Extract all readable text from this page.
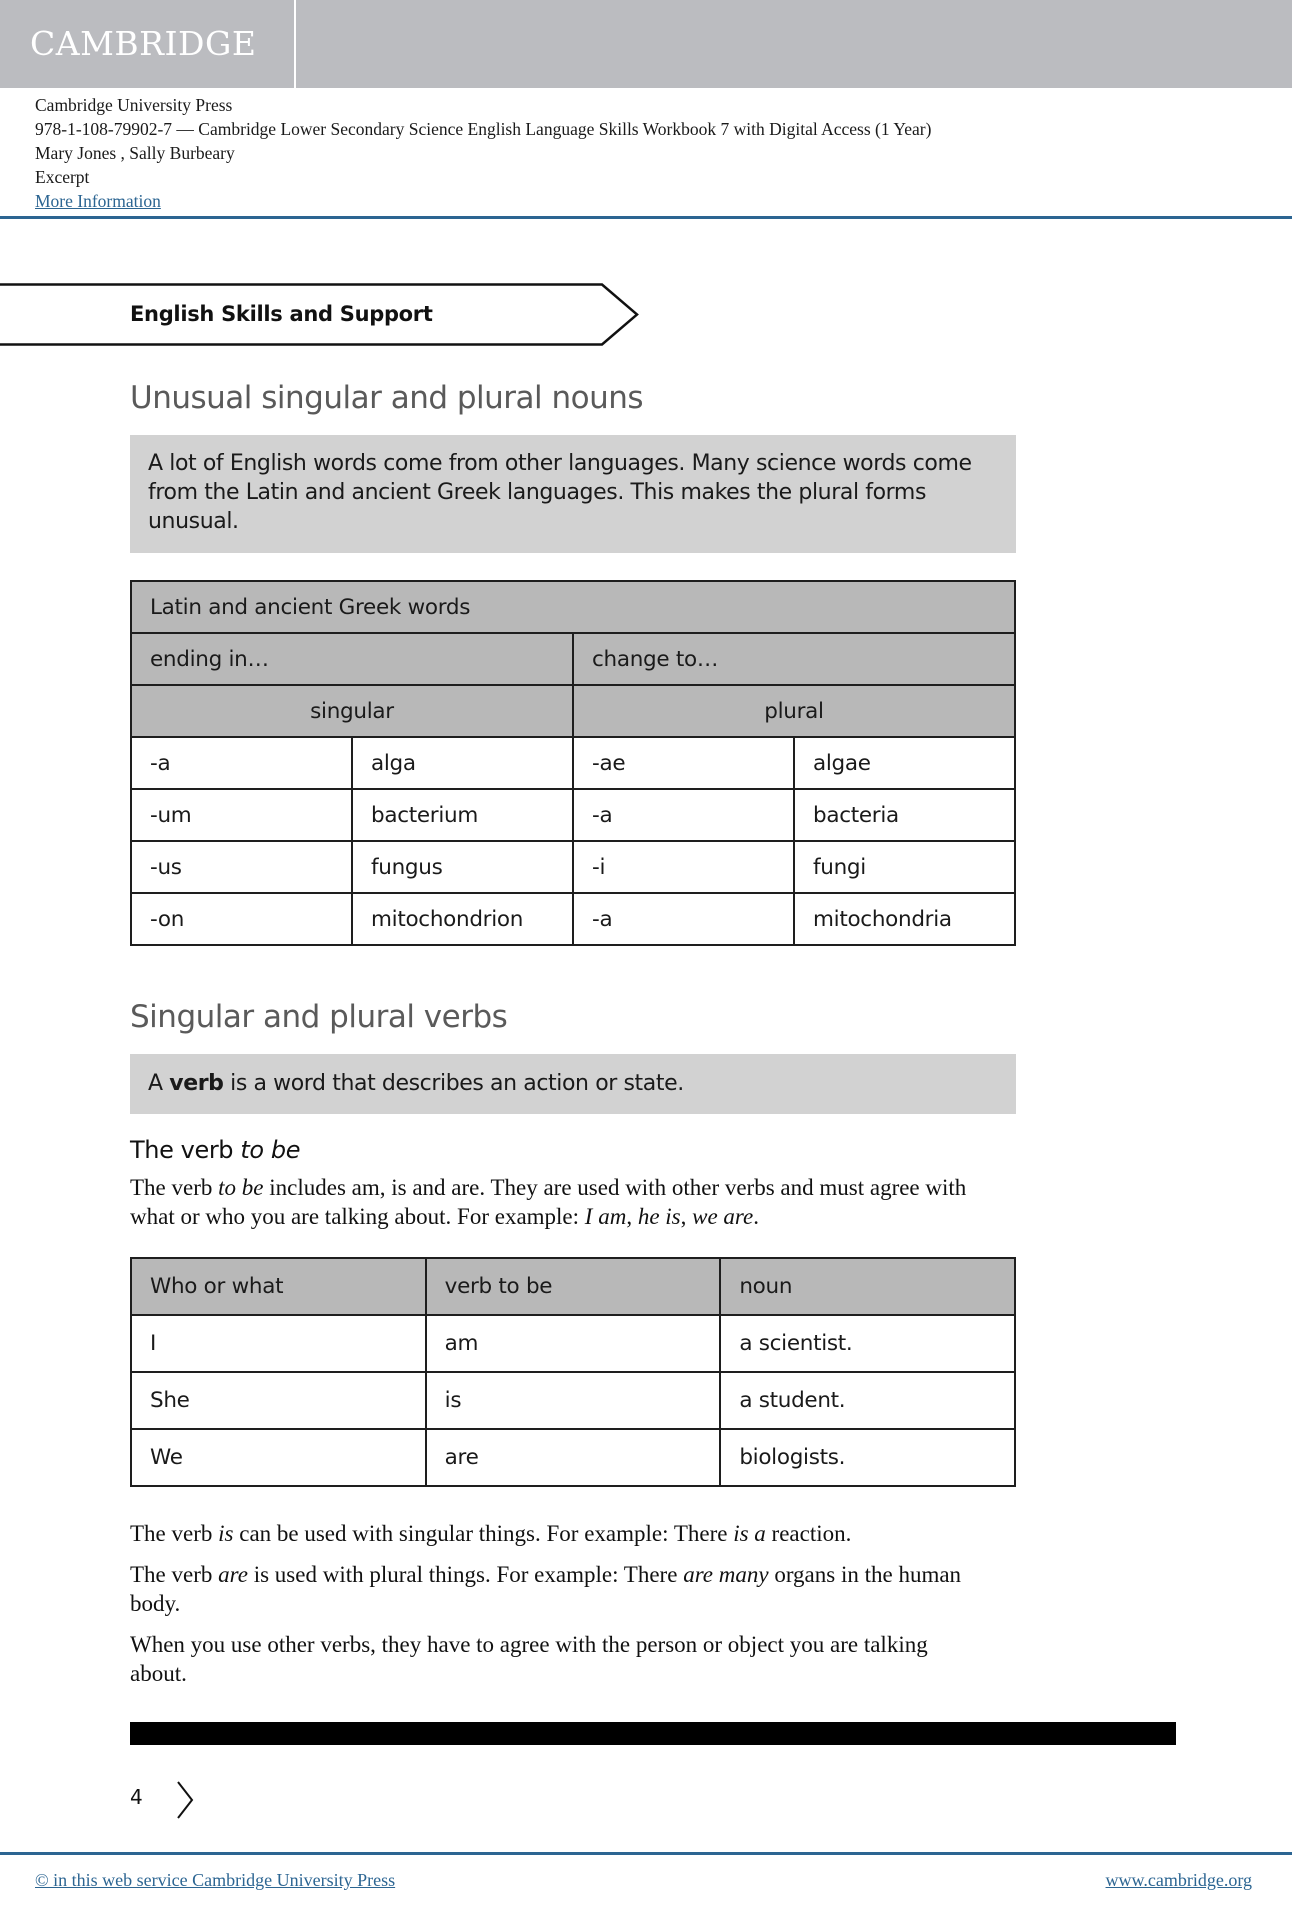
CAMBRIDGE
Cambridge University Press
978-1-108-79902-7 — Cambridge Lower Secondary Science English Language Skills Workbook 7 with Digital Access (1 Year)
Mary Jones , Sally Burbeary
Excerpt
More Information
English Skills and Support
Unusual singular and plural nouns
A lot of English words come from other languages. Many science words come from the Latin and ancient Greek languages. This makes the plural forms unusual.
Latin and ancient Greek words			
ending in…		change to…	
singular		plural	
-a	alga	-ae	algae
-um	bacterium	-a	bacteria
-us	fungus	-i	fungi
-on	mitochondrion	-a	mitochondria
Singular and plural verbs
A verb is a word that describes an action or state.
The verb to be
The verb to be includes am, is and are. They are used with other verbs and must agree with what or who you are talking about. For example: I am, he is, we are.
Who or what	verb to be	noun
I	am	a scientist.
She	is	a student.
We	are	biologists.
The verb is can be used with singular things. For example: There is a reaction.
The verb are is used with plural things. For example: There are many organs in the human body.
When you use other verbs, they have to agree with the person or object you are talking about.
4
© in this web service Cambridge University Press	www.cambridge.org
